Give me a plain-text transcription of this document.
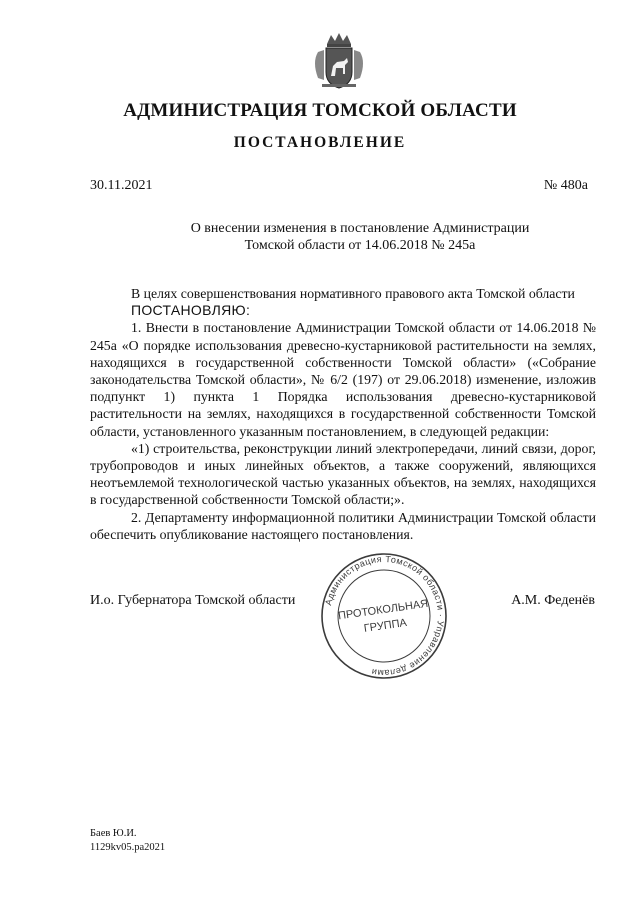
АДМИНИСТРАЦИЯ ТОМСКОЙ ОБЛАСТИ
ПОСТАНОВЛЕНИЕ
30.11.2021	№ 480а
О внесении изменения в постановление Администрации
Томской области от 14.06.2018 № 245а

В целях совершенствования нормативного правового акта Томской области

ПОСТАНОВЛЯЮ:

1. Внести в постановление Администрации Томской области от 14.06.2018 № 245а «О порядке использования древесно-кустарниковой растительности на землях, находящихся в государственной собственности Томской области» («Собрание законодательства Томской области», № 6/2 (197) от 29.06.2018) изменение, изложив подпункт 1) пункта 1 Порядка использования древесно-кустарниковой растительности на землях, находящихся в государственной собственности Томской области, установленного указанным постановлением, в следующей редакции:

«1) строительства, реконструкции линий электропередачи, линий связи, дорог, трубопроводов и иных линейных объектов, а также сооружений, являющихся неотъемлемой технологической частью указанных объектов, на землях, находящихся в государственной собственности Томской области;».

2. Департаменту информационной политики Администрации Томской области обеспечить опубликование настоящего постановления.

И.о. Губернатора Томской области	А.М. Феденёв
Администрация Томской области · Управление делами
ПРОТОКОЛЬНАЯ
ГРУППА
Баев Ю.И.
1129kv05.ра2021
